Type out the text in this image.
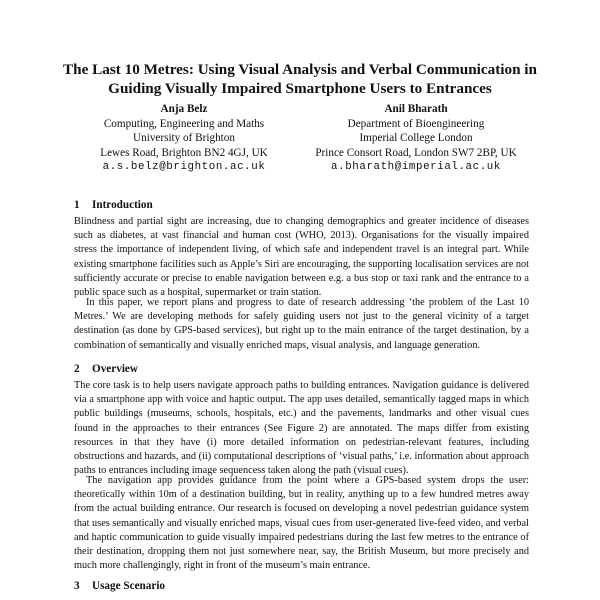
The Last 10 Metres: Using Visual Analysis and Verbal Communication in Guiding Visually Impaired Smartphone Users to Entrances
Anja Belz
Computing, Engineering and Maths
University of Brighton
Lewes Road, Brighton BN2 4GJ, UK
a.s.belz@brighton.ac.uk
Anil Bharath
Department of Bioengineering
Imperial College London
Prince Consort Road, London SW7 2BP, UK
a.bharath@imperial.ac.uk
1 Introduction

Blindness and partial sight are increasing, due to changing demographics and greater incidence of diseases such as diabetes, at vast financial and human cost (WHO, 2013). Organisations for the visually impaired stress the importance of independent living, of which safe and independent travel is an integral part. While existing smartphone facilities such as Apple’s Siri are encouraging, the supporting localisation services are not sufficiently accurate or precise to enable navigation between e.g. a bus stop or taxi rank and the entrance to a public space such as a hospital, supermarket or train station.

In this paper, we report plans and progress to date of research addressing ‘the problem of the Last 10 Metres.’ We are developing methods for safely guiding users not just to the general vicinity of a target destination (as done by GPS-based services), but right up to the main entrance of the target destination, by a combination of semantically and visually enriched maps, visual analysis, and language generation.

2 Overview

The core task is to help users navigate approach paths to building entrances. Navigation guidance is delivered via a smartphone app with voice and haptic output. The app uses detailed, semantically tagged maps in which public buildings (museums, schools, hospitals, etc.) and the pavements, landmarks and other visual cues found in the approaches to their entrances (See Figure 2) are annotated. The maps differ from existing resources in that they have (i) more detailed information on pedestrian-relevant features, including obstructions and hazards, and (ii) computational descriptions of ‘visual paths,’ i.e. information about approach paths to entrances including image sequencess taken along the path (visual cues).

The navigation app provides guidance from the point where a GPS-based system drops the user: theoretically within 10m of a destination building, but in reality, anything up to a few hundred metres away from the actual building entrance. Our research is focused on developing a novel pedestrian guidance system that uses semantically and visually enriched maps, visual cues from user-generated live-feed video, and verbal and haptic communication to guide visually impaired pedestrians during the last few metres to the entrance of their destination, dropping them not just somewhere near, say, the British Museum, but more precisely and much more challengingly, right in front of the museum’s main entrance.

3 Usage Scenario
